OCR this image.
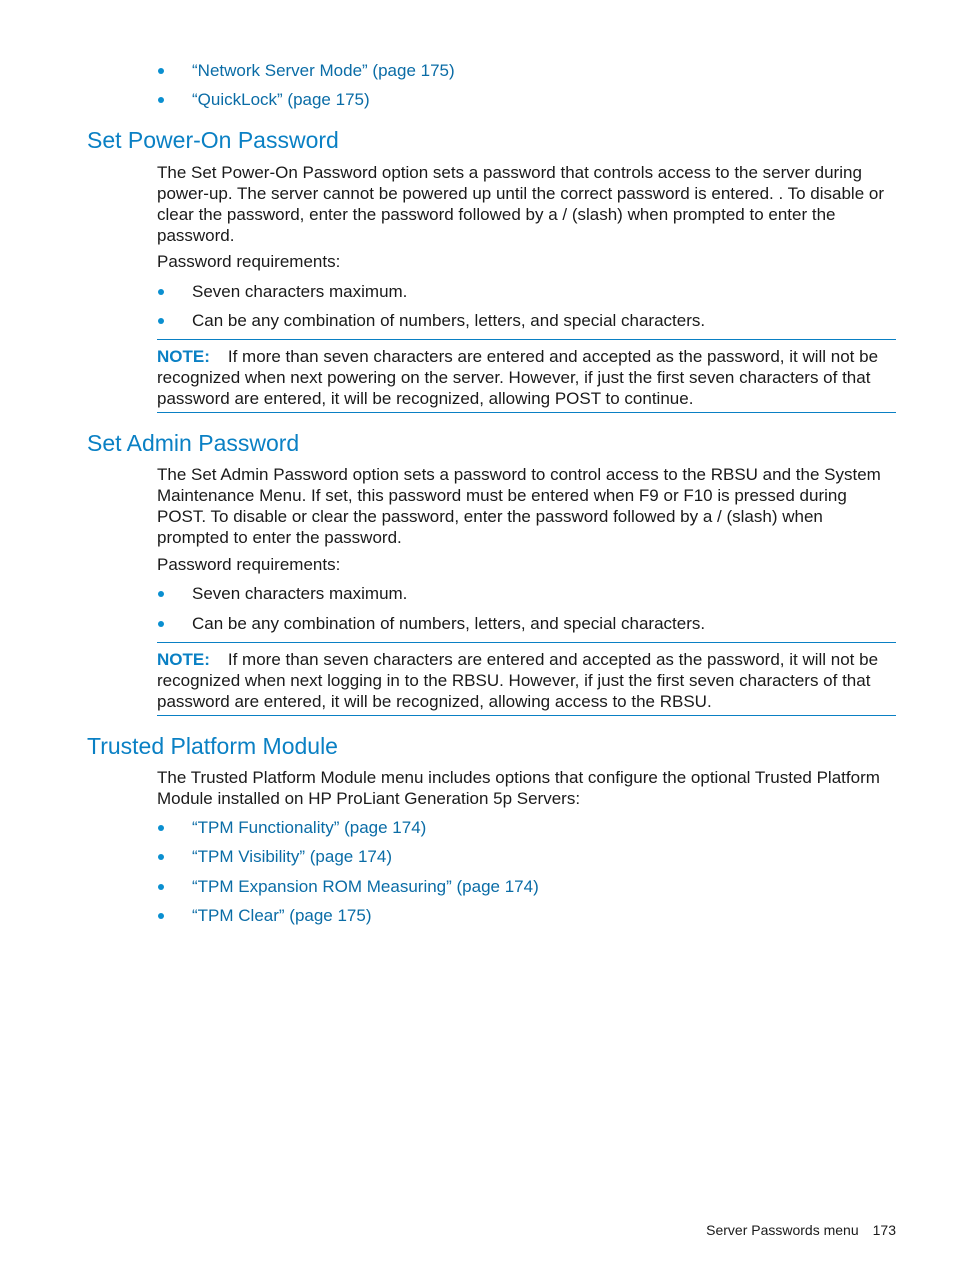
“Network Server Mode” (page 175)
“QuickLock” (page 175)
Set Power-On Password

The Set Power-On Password option sets a password that controls access to the server during power-up. The server cannot be powered up until the correct password is entered. . To disable or clear the password, enter the password followed by a / (slash) when prompted to enter the password.

Password requirements:

Seven characters maximum.
Can be any combination of numbers, letters, and special characters.
NOTE: If more than seven characters are entered and accepted as the password, it will not be recognized when next powering on the server. However, if just the first seven characters of that password are entered, it will be recognized, allowing POST to continue.
Set Admin Password

The Set Admin Password option sets a password to control access to the RBSU and the System Maintenance Menu. If set, this password must be entered when F9 or F10 is pressed during POST. To disable or clear the password, enter the password followed by a / (slash) when prompted to enter the password.

Password requirements:

Seven characters maximum.
Can be any combination of numbers, letters, and special characters.
NOTE: If more than seven characters are entered and accepted as the password, it will not be recognized when next logging in to the RBSU. However, if just the first seven characters of that password are entered, it will be recognized, allowing access to the RBSU.
Trusted Platform Module

The Trusted Platform Module menu includes options that configure the optional Trusted Platform Module installed on HP ProLiant Generation 5p Servers:

“TPM Functionality” (page 174)
“TPM Visibility” (page 174)
“TPM Expansion ROM Measuring” (page 174)
“TPM Clear” (page 175)
Server Passwords menu 173
